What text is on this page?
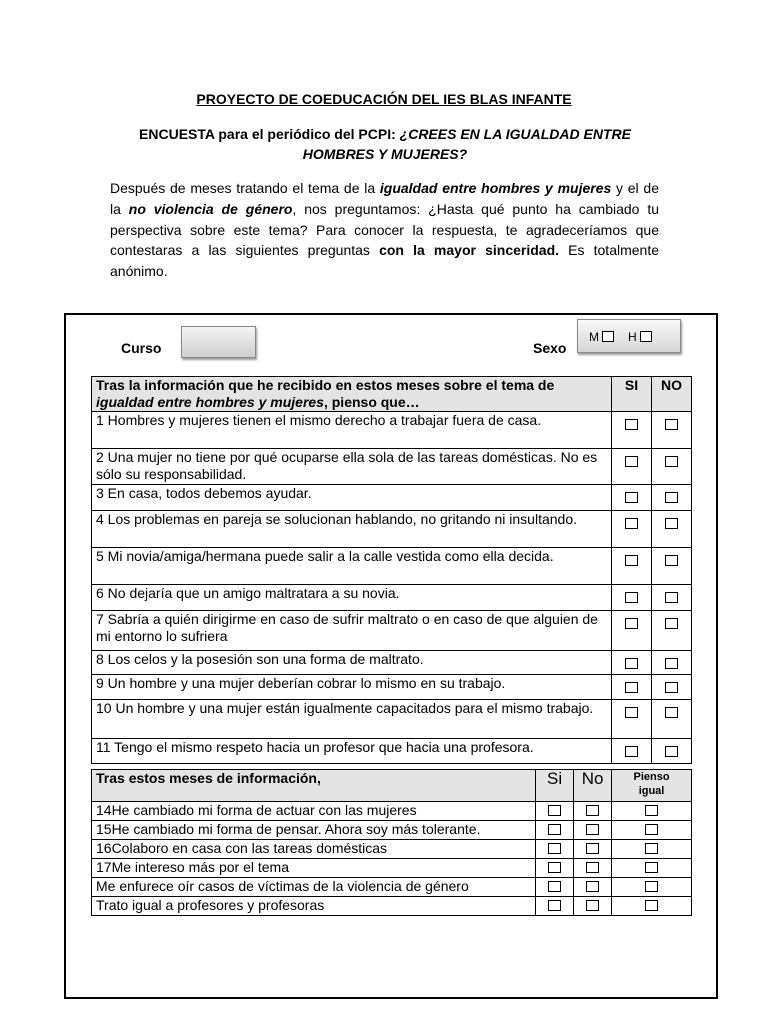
PROYECTO DE COEDUCACIÓN DEL IES BLAS INFANTE
ENCUESTA para el periódico del PCPI: ¿CREES EN LA IGUALDAD ENTRE HOMBRES Y MUJERES?
Después de meses tratando el tema de la igualdad entre hombres y mujeres y el de la no violencia de género, nos preguntamos: ¿Hasta qué punto ha cambiado tu perspectiva sobre este tema? Para conocer la respuesta, te agradeceríamos que contestaras a las siguientes preguntas con la mayor sinceridad. Es totalmente anónimo.
Curso	Sexo
M H
Tras la información que he recibido en estos meses sobre el tema de igualdad entre hombres y mujeres, pienso que…	SI	NO
1 Hombres y mujeres tienen el mismo derecho a trabajar fuera de casa.		
2 Una mujer no tiene por qué ocuparse ella sola de las tareas domésticas. No es sólo su responsabilidad.		
3 En casa, todos debemos ayudar.		
4 Los problemas en pareja se solucionan hablando, no gritando ni insultando.		
5 Mi novia/amiga/hermana puede salir a la calle vestida como ella decida.		
6 No dejaría que un amigo maltratara a su novia.		
7 Sabría a quién dirigirme en caso de sufrir maltrato o en caso de que alguien de mi entorno lo sufriera		
8 Los celos y la posesión son una forma de maltrato.		
9 Un hombre y una mujer deberían cobrar lo mismo en su trabajo.		
10 Un hombre y una mujer están igualmente capacitados para el mismo trabajo.		
11 Tengo el mismo respeto hacia un profesor que hacia una profesora.		
Tras estos meses de información,	Si	No	Pienso
igual
14He cambiado mi forma de actuar con las mujeres			
15He cambiado mi forma de pensar. Ahora soy más tolerante.			
16Colaboro en casa con las tareas domésticas			
17Me intereso más por el tema			
Me enfurece oír casos de víctimas de la violencia de género			
Trato igual a profesores y profesoras			
